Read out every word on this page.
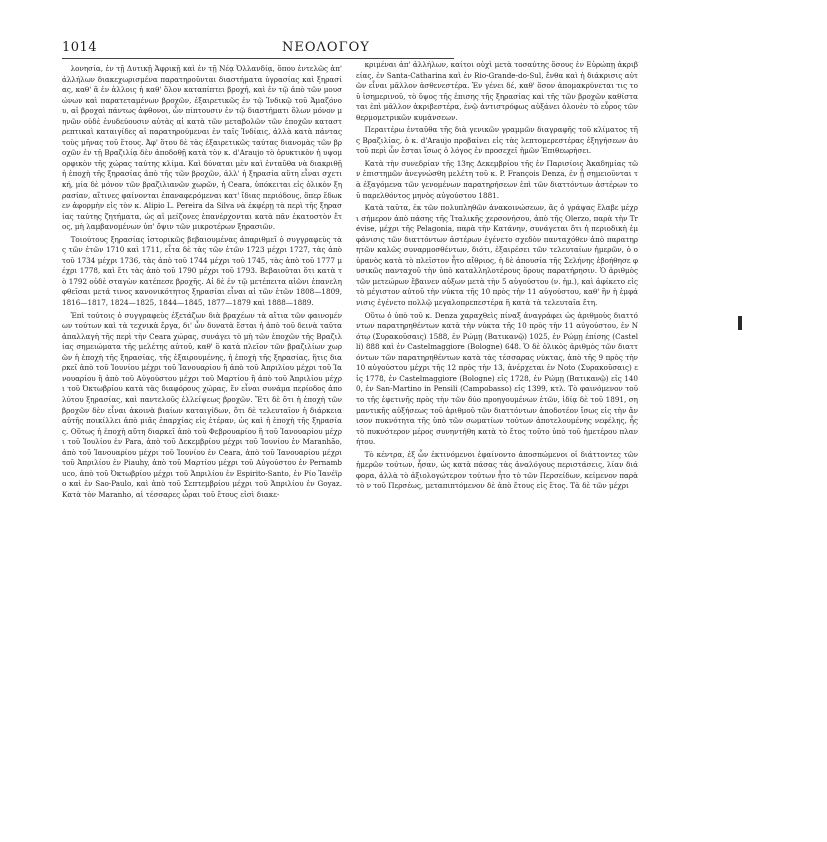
1014	ΝΕΟΛΟΓΟΥ

λονησία, ἐν τῇ Δυτικῇ Ἀφρικῇ καὶ ἐν τῇ Νέᾳ Ὀλλανδίᾳ, ὅπου ἐντελῶς ἀπ' ἀλλήλων διακεχωρισμένα παρατηροῦνται διαστήματα ὑγρασίας καὶ ξηρασίας, καθ' ἃ ἐν ἀλλοις ἡ καθ' ὅλον καταπίπτει βροχή, καὶ ἐν τῷ ἀπὸ τῶν μουσώνων καὶ παρατεταμένων βροχῶν, ἐξαιρετικῶς ἐν τῷ Ἰνδικῷ τοῦ Ἀμαζόνου, αἱ βροχαὶ πάντως ἀφθονοι, ὧν πίπτουσιν ἐν τῷ διαστήματι ὅλων μόνον μηνῶν οὐδὲ ἐνυδεύουσιν αὐτὰς αἱ κατὰ τῶν μεταβολῶν τῶν ἐποχῶν καταστρεπτικαὶ καταιγίδες αἱ παρατηρούμεναι ἐν ταῖς Ἰνδίαις, ἀλλὰ κατὰ πάντας τοὺς μῆνας τοῦ ἔτους. Ἀφ' ὅτου δὲ τὰς ἐξαιρετικῶς ταύτας διανομὰς τῶν βροχῶν ἐν τῇ Βραζιλίᾳ δὲν ἀποδοθῇ κατὰ τὸν κ. d'Araujo τὸ ὀρυκτικὸν ἡ υψομορφικὸν τῆς χώρας ταύτης κλίμα. Καὶ δύναται μὲν καὶ ἐνταῦθα νὰ διακριθῇ ἡ ἐποχὴ τῆς ξηρασίας ἀπὸ τῆς τῶν βροχῶν, ἀλλ' ἡ ξηρασία αὕτη εἶναι σχετική, μία δὲ μόνον τῶν βραζιλιανῶν χωρῶν, ἡ Ceara, ὑπόκειται εἰς ὁλικὸν ξηρασίαν, αἵτινες φαίνονται ἐπαναφερόμεναι κατ' ἴδιας περιόδους, ὅπερ ἔδωκεν ἀφορμὴν εἰς τὸν κ. Alipio L. Pereira da Silva νὰ ἐκφέρῃ τὰ περὶ τῆς ξηρασίας ταύτης ζητήματα, ὡς αἱ μείζονες ἐπανέρχονται κατὰ πᾶν ἑκατοστὸν ἔτος, μὴ λαμβανομένων ὑπ' ὄψιν τῶν μικροτέρων ξηρασιῶν.

Τοιούτους ξηρασίας ἱστορικῶς βεβαιουμένας ἀπαριθμεῖ ὁ συγγραφεὺς τὰς τῶν ἐτῶν 1710 καὶ 1711, εἶτα δὲ τὰς τῶν ἐτῶν 1723 μέχρι 1727, τὰς ἀπὸ τοῦ 1734 μέχρι 1736, τὰς ἀπὸ τοῦ 1744 μέχρι τοῦ 1745, τὰς ἀπὸ τοῦ 1777 μέχρι 1778, καὶ ἔτι τὰς ἀπὸ τοῦ 1790 μέχρι τοῦ 1793. Βεβαιοῦται ὅτι κατὰ τὸ 1792 οὐδὲ σταγὼν κατέπεσε βροχῆς. Αἱ δὲ ἐν τῷ μετέπειτα αἰῶνι ἐπανεληφθεῖσαι μετά τινος κανονικότητος ξηρασίαι εἶναι αἱ τῶν ἐτῶν 1808—1809, 1816—1817, 1824—1825, 1844—1845, 1877—1879 καὶ 1888—1889.

Ἐπὶ τούτοις ὁ συγγραφεὺς ἐξετάζων διὰ βραχέων τὰ αἴτια τῶν φαινομένων τούτων καὶ τὰ τεχνικὰ ἔργα, δι' ὧν δυνατὰ ἔσται ἡ ἀπὸ τοῦ δεινὰ ταῦτα ἀπαλλαγὴ τῆς περὶ τὴν Ceara χώρας, συνάγει τὸ μὴ τῶν ἐποχῶν τῆς Βραζιλίας σημειώματα τῆς μελέτης αὐτοῦ, καθ' ὃ κατὰ πλεῖον τῶν βραζιλίων χωρῶν ἡ ἐποχὴ τῆς ξηρασίας, τῆς ἐξαιρουμένης, ἡ ἐποχὴ τῆς ξηρασίας, ἥτις διαρκεῖ ἀπὸ τοῦ Ἰουνίου μέχρι τοῦ Ἰανουαρίου ἢ ἀπὸ τοῦ Ἀπριλίου μέχρι τοῦ Ἰανουαρίου ἢ ἀπὸ τοῦ Αὐγούστου μέχρι τοῦ Μαρτίου ἢ ἀπὸ τοῦ Ἀπριλίου μέχρι τοῦ Ὀκτωβρίου κατὰ τὰς διαφόρους χώρας, ἔν εἶναι συνάμα περίοδος ἀπολύτου ξηρασίας, καὶ παντελοῦς ἐλλείψεως βροχῶν. Ἔτι δὲ ὅτι ἡ ἐποχὴ τῶν βροχῶν δὲν εἶναι ἀκοινὰ βιαίων καταιγίδων, ὅτι δὲ τελευταῖον ἡ διάρκεια αὐτῆς ποικίλλει ἀπὸ μιᾶς ἐπαρχίας εἰς ἑτέραν, ὡς καὶ ἡ ἐποχὴ τῆς ξηρασίας. Οὕτως ἡ ἐποχὴ αὕτη διαρκεῖ ἀπὸ τοῦ Φεβρουαρίου ἢ τοῦ Ἰανουαρίου μέχρι τοῦ Ἰουλίου ἐν Para, ἀπὸ τοῦ Δεκεμβρίου μέχρι τοῦ Ἰουνίου ἐν Maranhão, ἀπὸ τοῦ Ἰανουαρίου μέχρι τοῦ Ἰουνίου ἐν Ceara, ἀπὸ τοῦ Ἰανουαρίου μέχρι τοῦ Ἀπριλίου ἐν Piauhy, ἀπὸ τοῦ Μαρτίου μέχρι τοῦ Αὐγούστου ἐν Pernambuco, ἀπὸ τοῦ Ὀκτωβρίου μέχρι τοῦ Ἀπριλίου ἐν Espirito-Santo, ἐν Ρίο Ἰανέϊρο καὶ ἐν Sao-Paulo, καὶ ἀπὸ τοῦ Σεπτεμβρίου μέχρι τοῦ Ἀπριλίου ἐν Goyaz. Κατὰ τὸν Maranho, αἱ τέσσαρες ὧραι τοῦ ἔτους εἰσὶ διακε-

κριμέναι ἀπ' ἀλλήλων, καίτοι οὐχὶ μετὰ τοσαύτης ὅσους ἐν Εὐρώπῃ ἀκριβείας, ἐν Santa-Catharina καὶ ἐν Rio-Grande-do-Sul, ἔνθα καὶ ἡ διάκρισις αὐτῶν εἶναι μᾶλλον ἀσθενεστέρα. Ἐν γένει δέ, καθ' ὅσον ἀπομακρύνεται τις τοῦ ἰσημερινοῦ, τὸ ὕψος τῆς ἐπισης τῆς ξηρασίας καὶ τῆς τῶν βροχῶν καθίσταται ἐπὶ μᾶλλον ἀκριβεστέρα, ἐνῷ ἀντιστρόφως αὐξάνει ὁλονὲν τὸ εὖρος τῶν θερμομετρικῶν κυμάνσεων.

Περαιτέρω ἐνταῦθα τῆς διὰ γενικῶν γραμμῶν διαγραφῆς τοῦ κλίματος τῆς Βραζιλίας, ὁ κ. d'Araujo προβαίνει εἰς τὰς λεπτομερεστέρας ἐξηγήσεων ἀυτοῦ περὶ ὧν ἔσται ἴσως ὁ λόγος ἐν προσεχεῖ ἡμῶν Ἐπιθεωρήσει.

Κατὰ τὴν συνεδρίαν τῆς 13ης Δεκεμβρίου τῆς ἐν Παρισίοις Ἀκαδημίας τῶν ἐπιστημῶν ἀνεγνώσθη μελέτη τοῦ κ. P. François Denza, ἐν ᾗ σημειοῦνται τὰ ἐξαγόμενα τῶν γενομένων παρατηρήσεων ἐπὶ τῶν διαττόντων ἀστέρων τοῦ παρελθόντος μηνὸς αὐγούστου 1881.

Κατὰ ταῦτα, ἐκ τῶν πολυπληθῶν ἀνακοινώσεων, ἃς ὁ γράψας ἔλαβε μέχρι σήμερον ἀπὸ πάσης τῆς Ἰταλικῆς χερσονήσου, ἀπὸ τῆς Olerzo, παρὰ τὴν Trévise, μέχρι τῆς Pelagonia, παρὰ τὴν Κατάνην, συνάγεται ὅτι ἡ περιοδικὴ ἐμφάνισις τῶν διαττόντων ἀστέρων ἐγένετο σχεδὸν πανταχόθεν ἀπὸ παρατηρητῶν καλῶς συναρμοσθέντων, διότι, ἐξαιρέσει τῶν τελευταίων ἡμερῶν, ὁ οὐρανὸς κατὰ τὸ πλεῖστον ἦτο αἴθριος, ἡ δὲ ἀπουσία τῆς Σελήνης ἐβοήθησε φυσικῶς πανταχοῦ τὴν ὑπὸ καταλληλοτέρους ὅρους παρατήρησιν. Ὁ ἀριθμὸς τῶν μετεώρων ἔβαινεν αὐξων μετὰ τὴν 5 αὐγούστου (ν. ἡμ.), καὶ ἀφίκετο εἰς τὸ μέγιστον αὐτοῦ τὴν νύκτα τῆς 10 πρὸς τὴν 11 αὐγούστου, καθ' ἣν ἡ ἐμφάνισις ἐγένετο πολλῷ μεγαλοπρεπεστέρα ἢ κατὰ τὰ τελευταῖα ἔτη.

Οὕτω ὁ ὑπὸ τοῦ κ. Denza χαραχθεὶς πίναξ ἀναγράφει ὡς ἀριθμοὺς διαττόντων παρατηρηθέντων κατὰ τὴν νύκτα τῆς 10 πρὸς τὴν 11 αὐγούστου, ἐν Νότῳ (Συρακοῦσαις) 1588, ἐν Ρώμῃ (Βατικανῷ) 1025, ἐν Ρώμῃ ἐπίσης (Castelli) 888 καὶ ἐν Castelmaggiore (Bologne) 648. Ὁ δὲ ὁλικὸς ἀριθμὸς τῶν διαττόντων τῶν παρατηρηθέντων κατὰ τὰς τέσσαρας νύκτας, ἀπὸ τῆς 9 πρὸς τὴν 10 αὐγούστου μέχρι τῆς 12 πρὸς τὴν 13, ἀνέρχεται ἐν Noto (Συρακοῦσαις) εἰς 1778, ἐν Castelmaggiore (Bologne) εἰς 1728, ἐν Ρώμῃ (Βατικανῷ) εἰς 1400, ἐν San-Martino in Pensili (Campobasso) εἰς 1399, κτλ. Τὸ φαινόμενον τοῦτο τῆς ἐφετινῆς πρὸς τὴν τῶν δύο προηγουμένων ἐτῶν, ἰδίᾳ δὲ τοῦ 1891, σημαντικῆς αὐξήσεως τοῦ ἀριθμοῦ τῶν διαττόντων ἀποδοτέον ἴσως εἰς τὴν ἄνισον πυκνότητα τῆς ὑπὸ τῶν σωματίων τούτων ἀποτελουμένης νεφέλης, ἧς τὸ πυκνότερον μέρος συνηντήθη κατὰ τὸ ἔτος τοῦτο ὑπὸ τοῦ ἡμετέρου πλανήτου.

Τὸ κέντρα, ἐξ ὧν ἐκτινόμενοι ἐφαίνοντο ἀποσπώμενοι οἱ διάττοντες τῶν ἡμερῶν τούτων, ἦσαν, ὡς κατὰ πάσας τὰς ἀναλόγους περιστάσεις, λίαν διάφορα, ἀλλὰ τὸ ἀξιολογώτερον τούτων ἦτο τὸ τῶν Περσείδων, κείμενον παρὰ τὸ ν τοῦ Περσέως, μεταπιπτόμενον δὲ ἀπὸ ἔτους εἰς ἔτος. Τὰ δὲ τῶν μέχρι
